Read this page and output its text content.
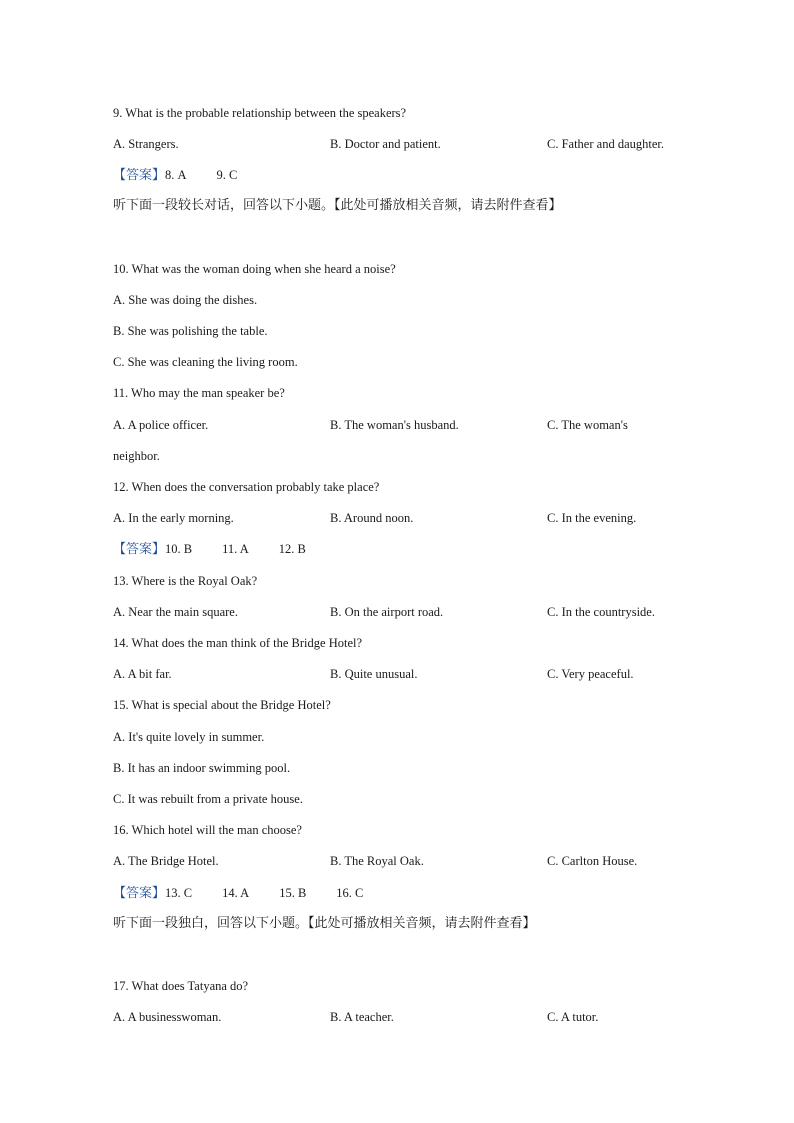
9. What is the probable relationship between the speakers?
A. Strangers.	B. Doctor and patient.	C. Father and daughter.
【答案】8. A 9. C
听下面一段较长对话，回答以下小题。【此处可播放相关音频，请去附件查看】
10. What was the woman doing when she heard a noise?
A. She was doing the dishes.
B. She was polishing the table.
C. She was cleaning the living room.
11. Who may the man speaker be?
A. A police officer.	B. The woman's husband.	C. The woman's
neighbor.
12. When does the conversation probably take place?
A. In the early morning.	B. Around noon.	C. In the evening.
【答案】10. B 11. A 12. B
13. Where is the Royal Oak?
A. Near the main square.	B. On the airport road.	C. In the countryside.
14. What does the man think of the Bridge Hotel?
A. A bit far.	B. Quite unusual.	C. Very peaceful.
15. What is special about the Bridge Hotel?
A. It's quite lovely in summer.
B. It has an indoor swimming pool.
C. It was rebuilt from a private house.
16. Which hotel will the man choose?
A. The Bridge Hotel.	B. The Royal Oak.	C. Carlton House.
【答案】13. C 14. A 15. B 16. C
听下面一段独白，回答以下小题。【此处可播放相关音频，请去附件查看】
17. What does Tatyana do?
A. A businesswoman.	B. A teacher.	C. A tutor.
